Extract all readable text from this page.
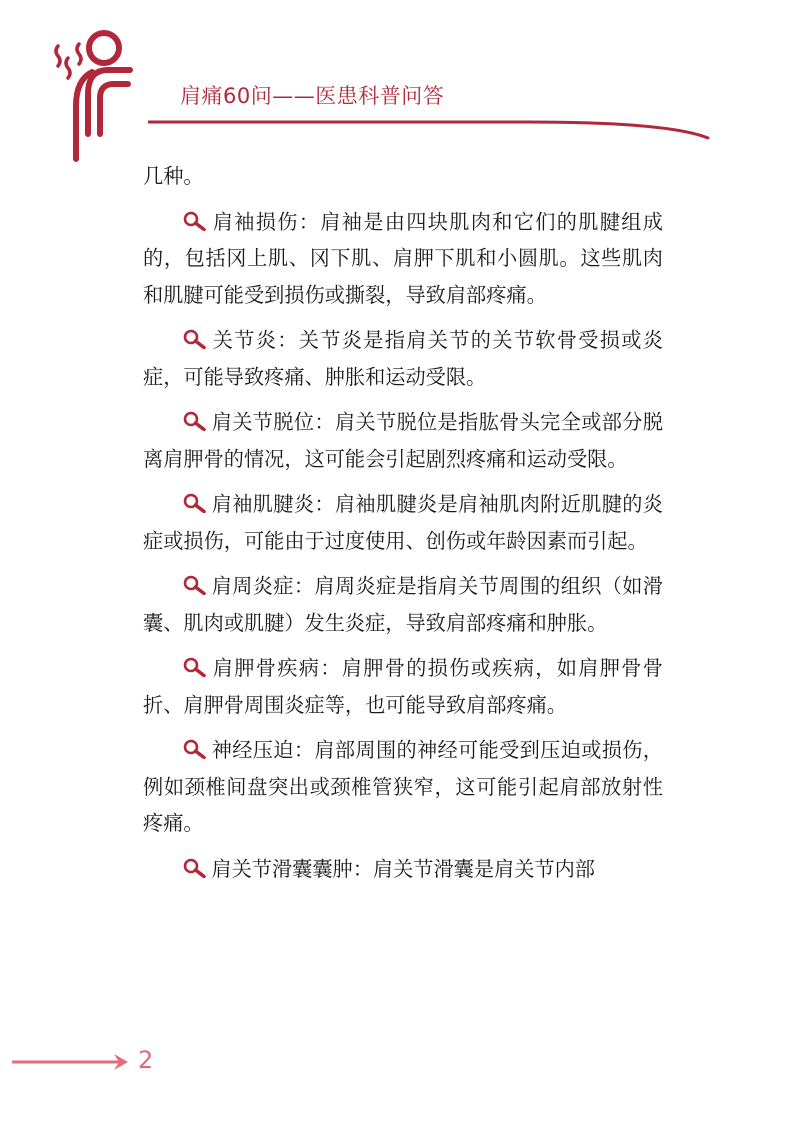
肩痛60问——医患科普问答

几种。

肩袖损伤：肩袖是由四块肌肉和它们的肌腱组成的，包括冈上肌、冈下肌、肩胛下肌和小圆肌。这些肌肉和肌腱可能受到损伤或撕裂，导致肩部疼痛。

关节炎：关节炎是指肩关节的关节软骨受损或炎症，可能导致疼痛、肿胀和运动受限。

肩关节脱位：肩关节脱位是指肱骨头完全或部分脱离肩胛骨的情况，这可能会引起剧烈疼痛和运动受限。

肩袖肌腱炎：肩袖肌腱炎是肩袖肌肉附近肌腱的炎症或损伤，可能由于过度使用、创伤或年龄因素而引起。

肩周炎症：肩周炎症是指肩关节周围的组织（如滑囊、肌肉或肌腱）发生炎症，导致肩部疼痛和肿胀。

肩胛骨疾病：肩胛骨的损伤或疾病，如肩胛骨骨折、肩胛骨周围炎症等，也可能导致肩部疼痛。

神经压迫：肩部周围的神经可能受到压迫或损伤，例如颈椎间盘突出或颈椎管狭窄，这可能引起肩部放射性疼痛。

肩关节滑囊囊肿：肩关节滑囊是肩关节内部

2
